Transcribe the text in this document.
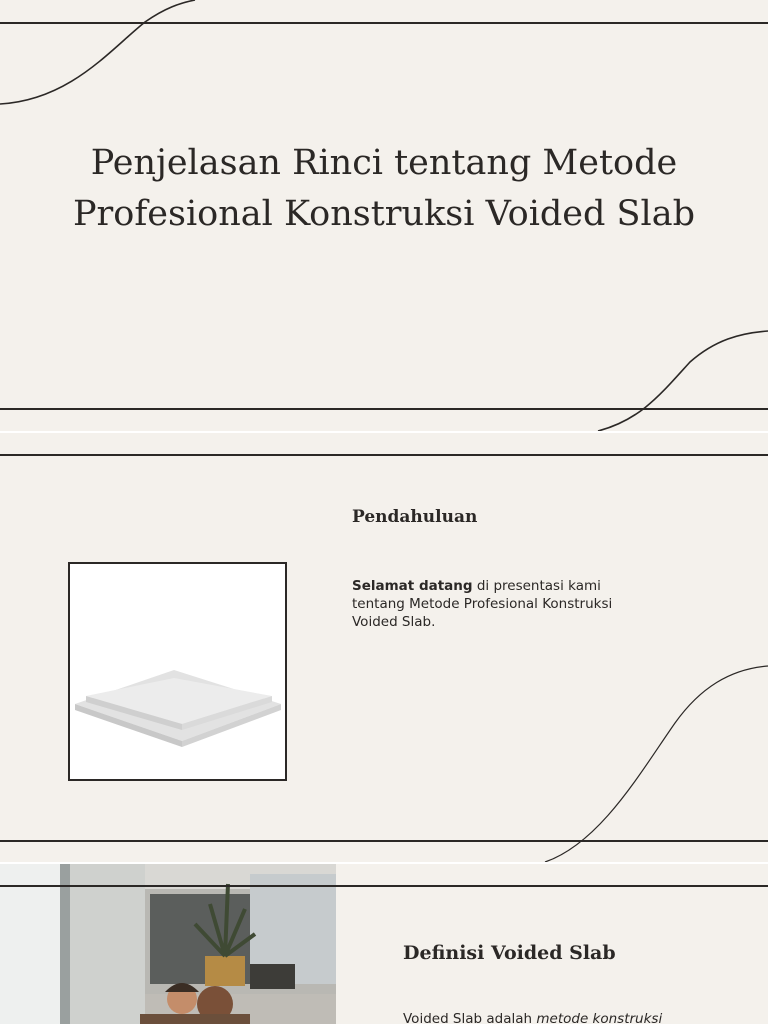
Penjelasan Rinci tentang Metode
Profesional Konstruksi Voided Slab
Pendahuluan

Selamat datang di presentasi kami
tentang Metode Profesional Konstruksi
Voided Slab.

Definisi Voided Slab

Voided Slab adalah metode konstruksi
